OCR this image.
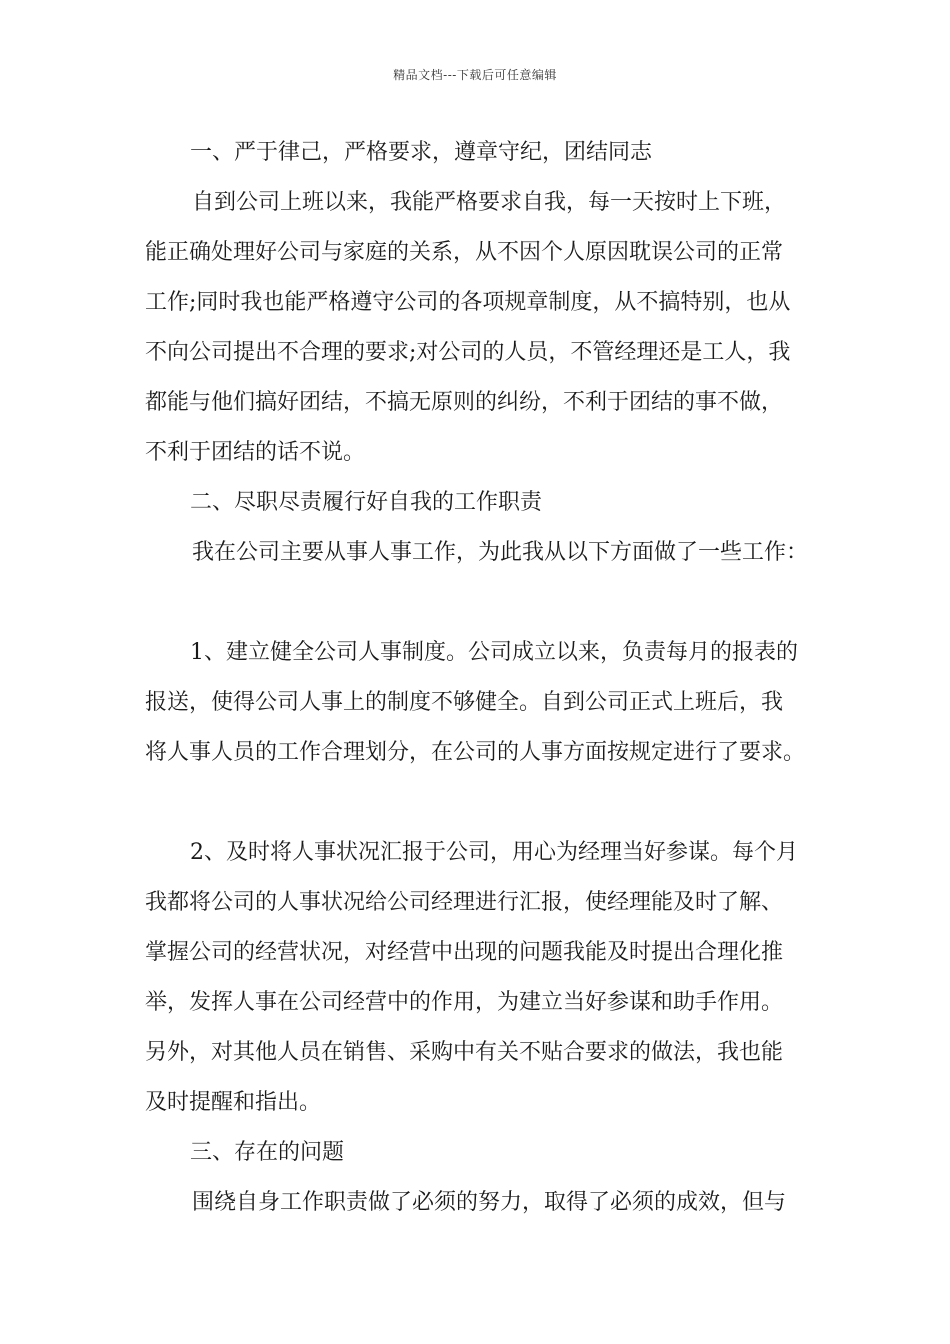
精品文档---下载后可任意编辑
一、严于律己，严格要求，遵章守纪，团结同志
自到公司上班以来，我能严格要求自我，每一天按时上下班，
能正确处理好公司与家庭的关系，从不因个人原因耽误公司的正常
工作;同时我也能严格遵守公司的各项规章制度，从不搞特别，也从
不向公司提出不合理的要求;对公司的人员，不管经理还是工人，我
都能与他们搞好团结，不搞无原则的纠纷，不利于团结的事不做，
不利于团结的话不说。
二、尽职尽责履行好自我的工作职责
我在公司主要从事人事工作，为此我从以下方面做了一些工作：
1、建立健全公司人事制度。公司成立以来，负责每月的报表的
报送，使得公司人事上的制度不够健全。自到公司正式上班后，我
将人事人员的工作合理划分，在公司的人事方面按规定进行了要求。
2、及时将人事状况汇报于公司，用心为经理当好参谋。每个月
我都将公司的人事状况给公司经理进行汇报，使经理能及时了解、
掌握公司的经营状况，对经营中出现的问题我能及时提出合理化推
举，发挥人事在公司经营中的作用，为建立当好参谋和助手作用。
另外，对其他人员在销售、采购中有关不贴合要求的做法，我也能
及时提醒和指出。
三、存在的问题
围绕自身工作职责做了必须的努力，取得了必须的成效，但与
